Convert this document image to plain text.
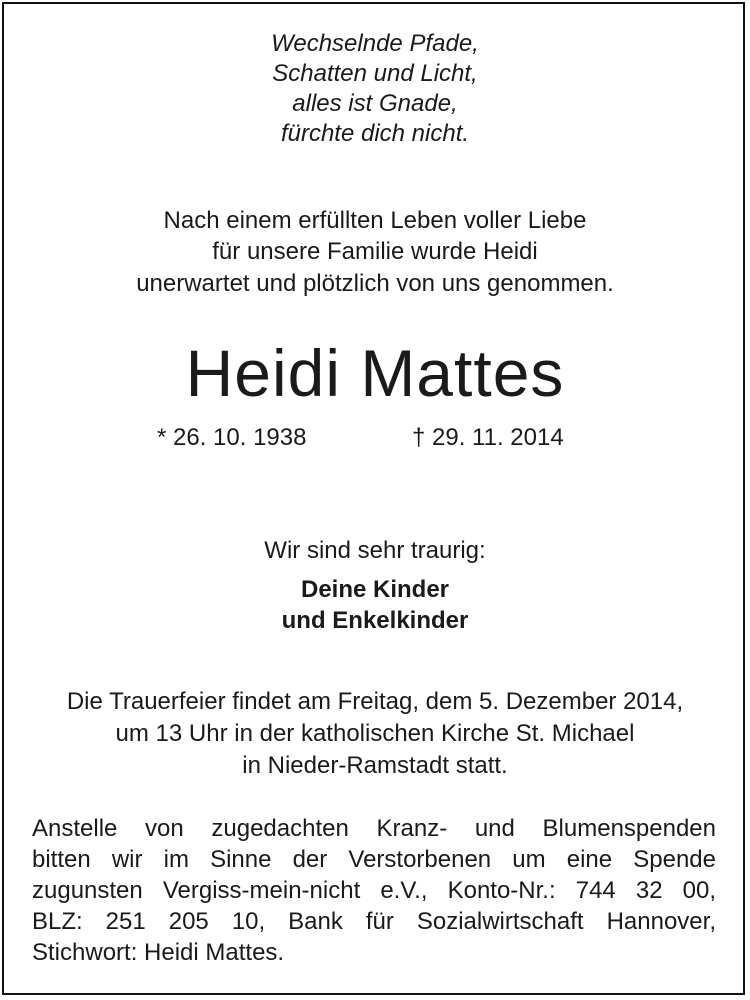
Wechselnde Pfade,
Schatten und Licht,
alles ist Gnade,
fürchte dich nicht.
Nach einem erfüllten Leben voller Liebe
für unsere Familie wurde Heidi
unerwartet und plötzlich von uns genommen.
Heidi Mattes
* 26. 10. 1938	† 29. 11. 2014
Wir sind sehr traurig:
Deine Kinder
und Enkelkinder
Die Trauerfeier findet am Freitag, dem 5. Dezember 2014,
um 13 Uhr in der katholischen Kirche St. Michael
in Nieder-Ramstadt statt.
Anstelle von zugedachten Kranz- und Blumenspenden
bitten wir im Sinne der Verstorbenen um eine Spende
zugunsten Vergiss-mein-nicht e.V., Konto-Nr.: 744 32 00,
BLZ: 251 205 10, Bank für Sozialwirtschaft Hannover,
Stichwort: Heidi Mattes.
